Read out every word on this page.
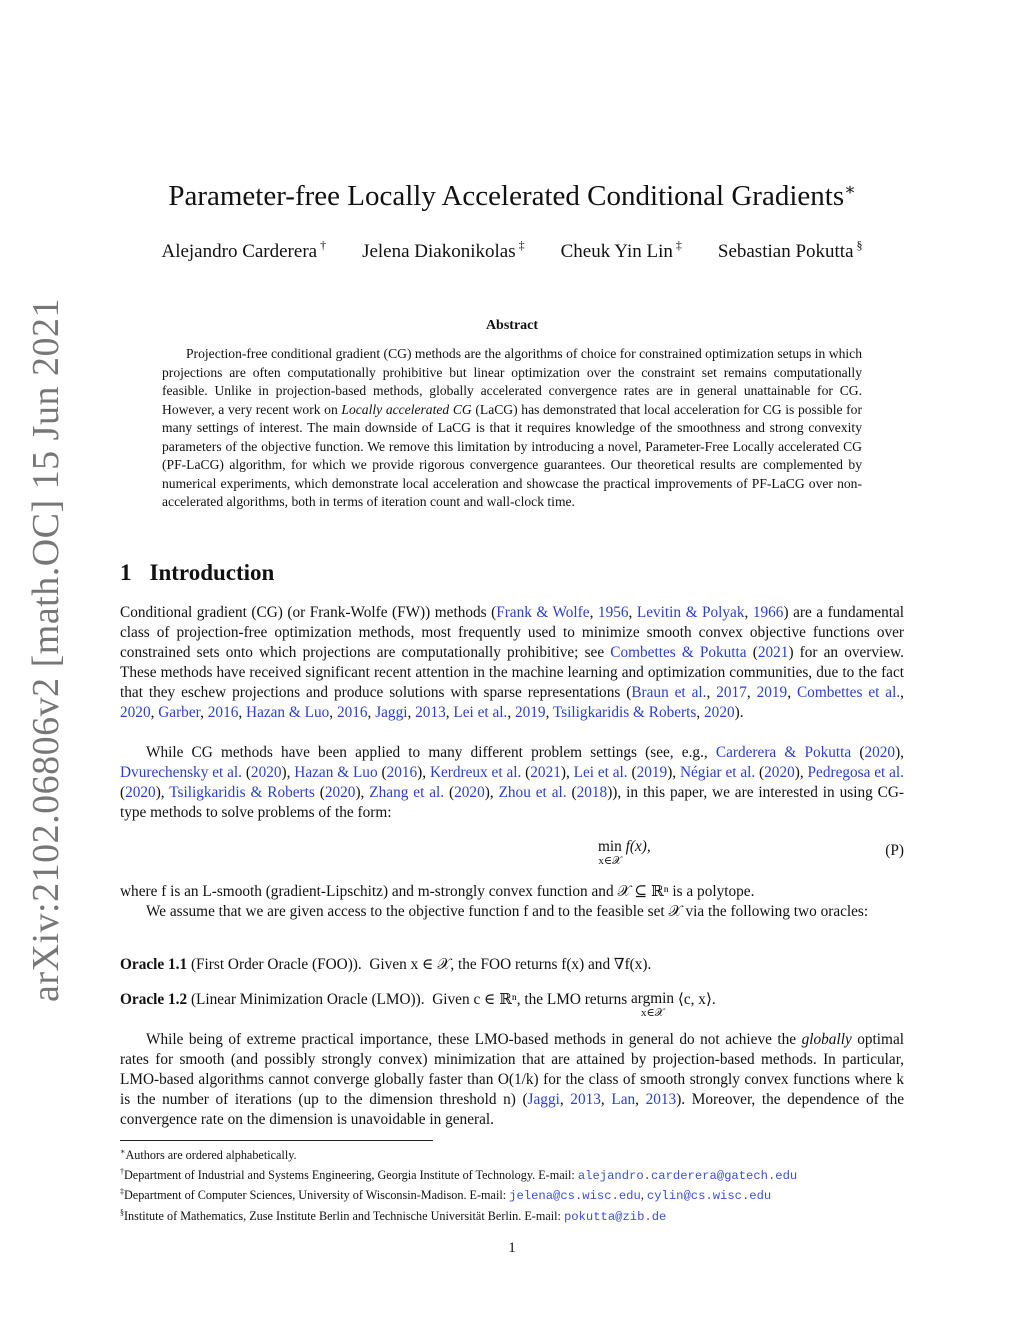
arXiv:2102.06806v2 [math.OC] 15 Jun 2021
Parameter-free Locally Accelerated Conditional Gradients∗
Alejandro Carderera † Jelena Diakonikolas ‡ Cheuk Yin Lin ‡ Sebastian Pokutta §
Abstract
Projection-free conditional gradient (CG) methods are the algorithms of choice for constrained optimization setups in which projections are often computationally prohibitive but linear optimization over the constraint set remains computationally feasible. Unlike in projection-based methods, globally accelerated convergence rates are in general unattainable for CG. However, a very recent work on Locally accelerated CG (LaCG) has demonstrated that local acceleration for CG is possible for many settings of interest. The main downside of LaCG is that it requires knowledge of the smoothness and strong convexity parameters of the objective function. We remove this limitation by introducing a novel, Parameter-Free Locally accelerated CG (PF-LaCG) algorithm, for which we provide rigorous convergence guarantees. Our theoretical results are complemented by numerical experiments, which demonstrate local acceleration and showcase the practical improvements of PF-LaCG over non-accelerated algorithms, both in terms of iteration count and wall-clock time.
1 Introduction
Conditional gradient (CG) (or Frank-Wolfe (FW)) methods (Frank & Wolfe, 1956, Levitin & Polyak, 1966) are a fundamental class of projection-free optimization methods, most frequently used to minimize smooth convex objective functions over constrained sets onto which projections are computationally prohibitive; see Combettes & Pokutta (2021) for an overview. These methods have received significant recent attention in the machine learning and optimization communities, due to the fact that they eschew projections and produce solutions with sparse representations (Braun et al., 2017, 2019, Combettes et al., 2020, Garber, 2016, Hazan & Luo, 2016, Jaggi, 2013, Lei et al., 2019, Tsiligkaridis & Roberts, 2020).
While CG methods have been applied to many different problem settings (see, e.g., Carderera & Pokutta (2020), Dvurechensky et al. (2020), Hazan & Luo (2016), Kerdreux et al. (2021), Lei et al. (2019), Négiar et al. (2020), Pedregosa et al. (2020), Tsiligkaridis & Roberts (2020), Zhang et al. (2020), Zhou et al. (2018)), in this paper, we are interested in using CG-type methods to solve problems of the form:
min
x∈𝒳
f(x),	(P)
where f is an L-smooth (gradient-Lipschitz) and m-strongly convex function and 𝒳 ⊆ ℝⁿ is a polytope.
We assume that we are given access to the objective function f and to the feasible set 𝒳 via the following two oracles:
Oracle 1.1 (First Order Oracle (FOO)). Given x ∈ 𝒳, the FOO returns f(x) and ∇f(x).
Oracle 1.2 (Linear Minimization Oracle (LMO)). Given c ∈ ℝⁿ, the LMO returns argmin
x∈𝒳
⟨c, x⟩.
While being of extreme practical importance, these LMO-based methods in general do not achieve the globally optimal rates for smooth (and possibly strongly convex) minimization that are attained by projection-based methods. In particular, LMO-based algorithms cannot converge globally faster than O(1/k) for the class of smooth strongly convex functions where k is the number of iterations (up to the dimension threshold n) (Jaggi, 2013, Lan, 2013). Moreover, the dependence of the convergence rate on the dimension is unavoidable in general.
∗Authors are ordered alphabetically.
†Department of Industrial and Systems Engineering, Georgia Institute of Technology. E-mail: alejandro.carderera@gatech.edu
‡Department of Computer Sciences, University of Wisconsin-Madison. E-mail: jelena@cs.wisc.edu, cylin@cs.wisc.edu
§Institute of Mathematics, Zuse Institute Berlin and Technische Universität Berlin. E-mail: pokutta@zib.de
1
